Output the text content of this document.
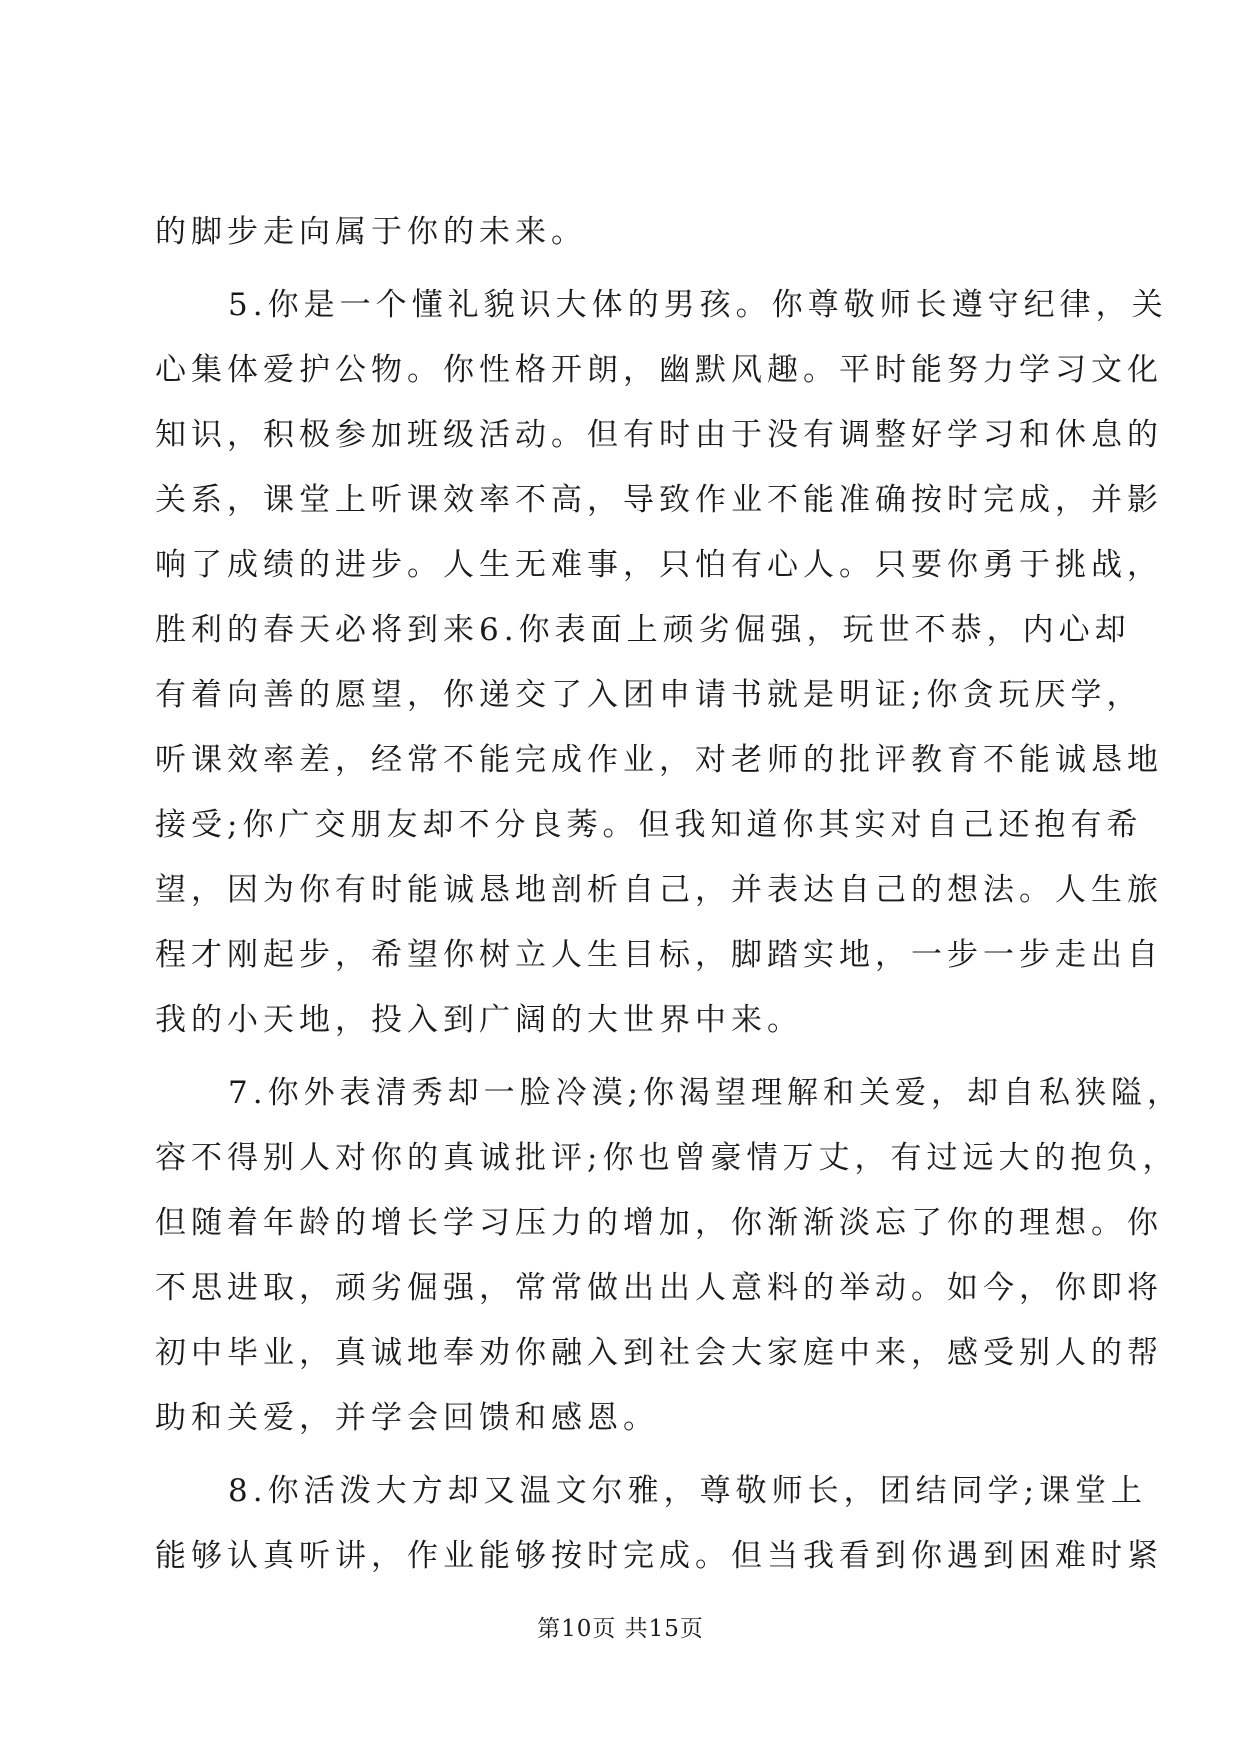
的脚步走向属于你的未来。
5.你是一个懂礼貌识大体的男孩。你尊敬师长遵守纪律，关
心集体爱护公物。你性格开朗，幽默风趣。平时能努力学习文化
知识，积极参加班级活动。但有时由于没有调整好学习和休息的
关系，课堂上听课效率不高，导致作业不能准确按时完成，并影
响了成绩的进步。人生无难事，只怕有心人。只要你勇于挑战，
胜利的春天必将到来6.你表面上顽劣倔强，玩世不恭，内心却
有着向善的愿望，你递交了入团申请书就是明证;你贪玩厌学，
听课效率差，经常不能完成作业，对老师的批评教育不能诚恳地
接受;你广交朋友却不分良莠。但我知道你其实对自己还抱有希
望，因为你有时能诚恳地剖析自己，并表达自己的想法。人生旅
程才刚起步，希望你树立人生目标，脚踏实地，一步一步走出自
我的小天地，投入到广阔的大世界中来。
7.你外表清秀却一脸冷漠;你渴望理解和关爱，却自私狭隘，
容不得别人对你的真诚批评;你也曾豪情万丈，有过远大的抱负，
但随着年龄的增长学习压力的增加，你渐渐淡忘了你的理想。你
不思进取，顽劣倔强，常常做出出人意料的举动。如今，你即将
初中毕业，真诚地奉劝你融入到社会大家庭中来，感受别人的帮
助和关爱，并学会回馈和感恩。
8.你活泼大方却又温文尔雅，尊敬师长，团结同学;课堂上
能够认真听讲，作业能够按时完成。但当我看到你遇到困难时紧
第10页 共15页
